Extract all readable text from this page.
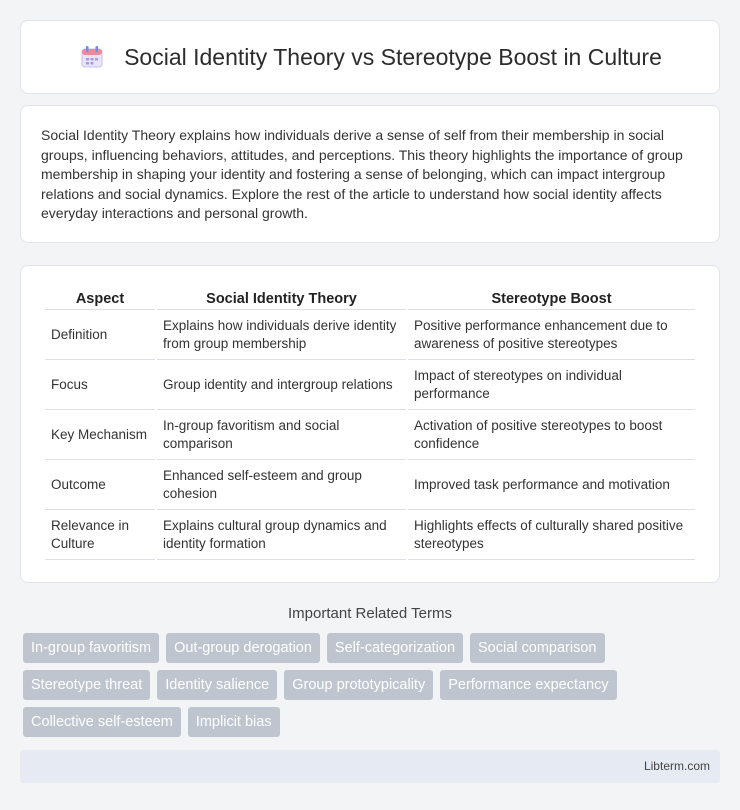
Social Identity Theory vs Stereotype Boost in Culture

Social Identity Theory explains how individuals derive a sense of self from their membership in social groups, influencing behaviors, attitudes, and perceptions. This theory highlights the importance of group membership in shaping your identity and fostering a sense of belonging, which can impact intergroup relations and social dynamics. Explore the rest of the article to understand how social identity affects everyday interactions and personal growth.

Aspect	Social Identity Theory	Stereotype Boost
Definition	Explains how individuals derive identity from group membership	Positive performance enhancement due to awareness of positive stereotypes
Focus	Group identity and intergroup relations	Impact of stereotypes on individual performance
Key Mechanism	In-group favoritism and social comparison	Activation of positive stereotypes to boost confidence
Outcome	Enhanced self-esteem and group cohesion	Improved task performance and motivation
Relevance in Culture	Explains cultural group dynamics and identity formation	Highlights effects of culturally shared positive stereotypes
Important Related Terms
In-group favoritism	Out-group derogation	Self-categorization	Social comparison
Stereotype threat	Identity salience	Group prototypicality	Performance expectancy
Collective self-esteem	Implicit bias
Libterm.com
